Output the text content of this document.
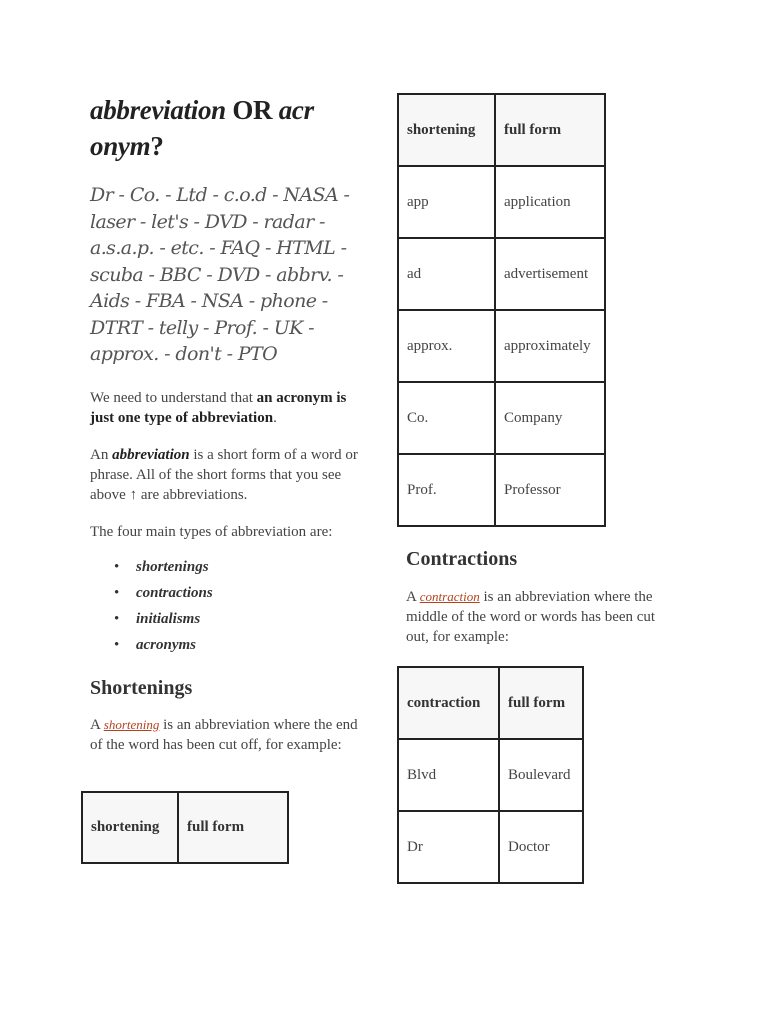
abbreviation OR acr onym?
Dr - Co. - Ltd - c.o.d - NASA - laser - let's - DVD - radar - a.s.a.p. - etc. - FAQ - HTML - scuba - BBC - DVD - abbrv. - Aids - FBA - NSA - phone - DTRT - telly - Prof. - UK - approx. - don't - PTO

We need to understand that an acronym is just one type of abbreviation.

An abbreviation is a short form of a word or phrase. All of the short forms that you see above ↑ are abbreviations.

The four main types of abbreviation are:

• shortenings
• contractions
• initialisms
• acronyms
Shortenings

A shortening is an abbreviation where the end of the word has been cut off, for example:

shortening	full form
shortening	full form
app	application
ad	advertisement
approx.	approximately
Co.	Company
Prof.	Professor
Contractions

A contraction is an abbreviation where the middle of the word or words has been cut out, for example:

contraction	full form
Blvd	Boulevard
Dr	Doctor
